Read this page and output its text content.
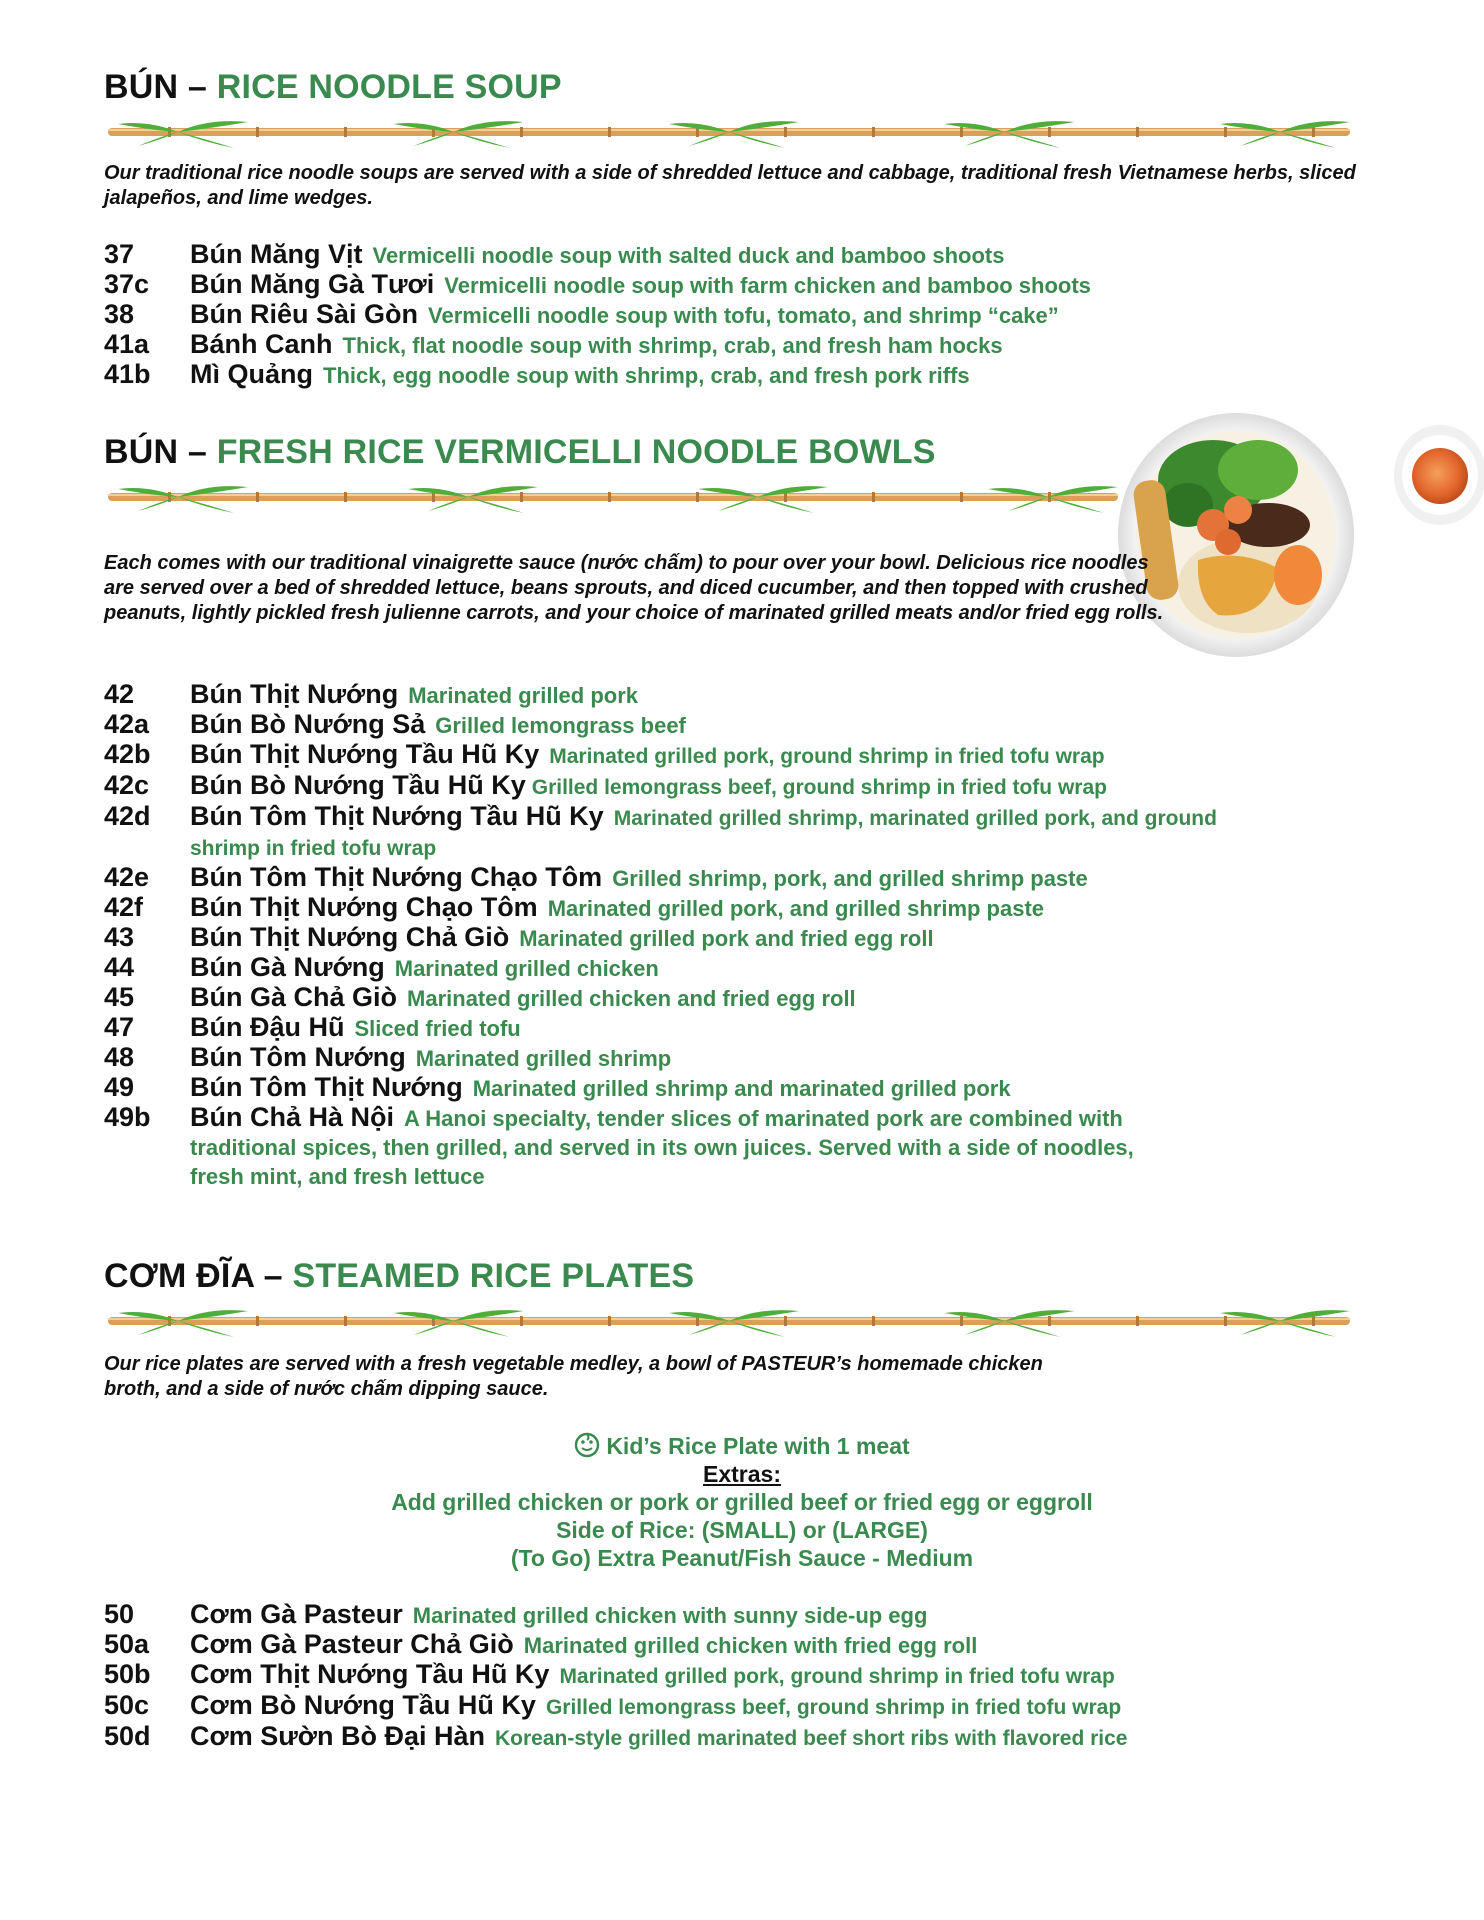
BÚN – RICE NOODLE SOUP
Our traditional rice noodle soups are served with a side of shredded lettuce and cabbage, traditional fresh Vietnamese herbs, sliced jalapeños, and lime wedges.
37 Bún Măng Vịt Vermicelli noodle soup with salted duck and bamboo shoots
37c Bún Măng Gà Tươi Vermicelli noodle soup with farm chicken and bamboo shoots
38 Bún Riêu Sài Gòn Vermicelli noodle soup with tofu, tomato, and shrimp “cake”
41a Bánh Canh Thick, flat noodle soup with shrimp, crab, and fresh ham hocks
41b Mì Quảng Thick, egg noodle soup with shrimp, crab, and fresh pork riffs
BÚN – FRESH RICE VERMICELLI NOODLE BOWLS
Each comes with our traditional vinaigrette sauce (nước chấm) to pour over your bowl. Delicious rice noodles are served over a bed of shredded lettuce, beans sprouts, and diced cucumber, and then topped with crushed peanuts, lightly pickled fresh julienne carrots, and your choice of marinated grilled meats and/or fried egg rolls.
42 Bún Thịt Nướng Marinated grilled pork
42a Bún Bò Nướng Sả Grilled lemongrass beef
42b Bún Thịt Nướng Tầu Hũ Ky Marinated grilled pork, ground shrimp in fried tofu wrap
42c Bún Bò Nướng Tầu Hũ Ky Grilled lemongrass beef, ground shrimp in fried tofu wrap
42d Bún Tôm Thịt Nướng Tầu Hũ Ky Marinated grilled shrimp, marinated grilled pork, and ground shrimp in fried tofu wrap
42e Bún Tôm Thịt Nướng Chạo Tôm Grilled shrimp, pork, and grilled shrimp paste
42f Bún Thịt Nướng Chạo Tôm Marinated grilled pork, and grilled shrimp paste
43 Bún Thịt Nướng Chả Giò Marinated grilled pork and fried egg roll
44 Bún Gà Nướng Marinated grilled chicken
45 Bún Gà Chả Giò Marinated grilled chicken and fried egg roll
47 Bún Đậu Hũ Sliced fried tofu
48 Bún Tôm Nướng Marinated grilled shrimp
49 Bún Tôm Thịt Nướng Marinated grilled shrimp and marinated grilled pork
49b Bún Chả Hà Nội A Hanoi specialty, tender slices of marinated pork are combined with traditional spices, then grilled, and served in its own juices. Served with a side of noodles, fresh mint, and fresh lettuce
CƠM ĐĨA – STEAMED RICE PLATES
Our rice plates are served with a fresh vegetable medley, a bowl of PASTEUR’s homemade chicken broth, and a side of nước chấm dipping sauce.
Kid’s Rice Plate with 1 meat
Extras:
Add grilled chicken or pork or grilled beef or fried egg or eggroll
Side of Rice: (SMALL) or (LARGE)
(To Go) Extra Peanut/Fish Sauce - Medium
50 Cơm Gà Pasteur Marinated grilled chicken with sunny side-up egg
50a Cơm Gà Pasteur Chả Giò Marinated grilled chicken with fried egg roll
50b Cơm Thịt Nướng Tầu Hũ Ky Marinated grilled pork, ground shrimp in fried tofu wrap
50c Cơm Bò Nướng Tầu Hũ Ky Grilled lemongrass beef, ground shrimp in fried tofu wrap
50d Cơm Sườn Bò Đại Hàn Korean-style grilled marinated beef short ribs with flavored rice
